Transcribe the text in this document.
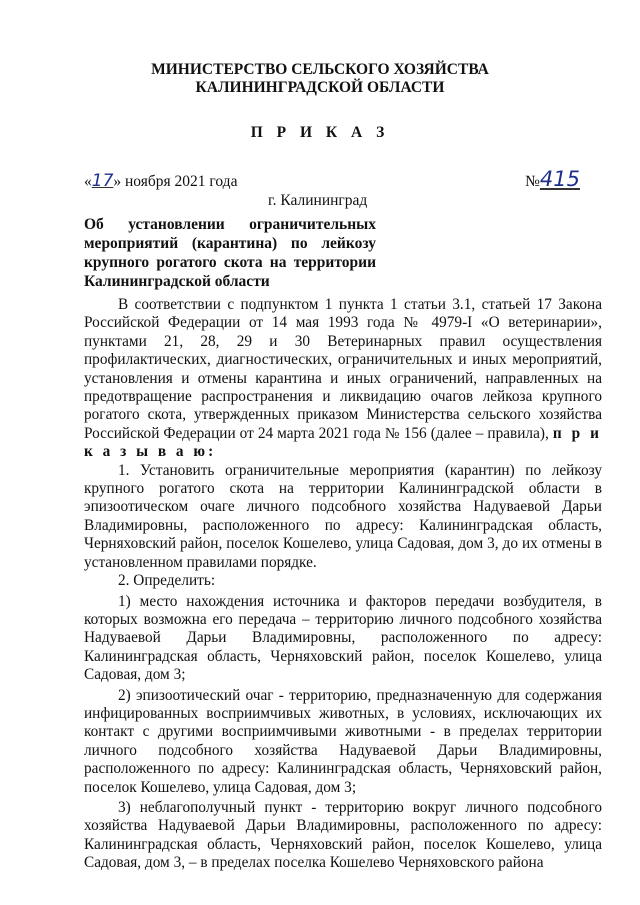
МИНИСТЕРСТВО СЕЛЬСКОГО ХОЗЯЙСТВА
КАЛИНИНГРАДСКОЙ ОБЛАСТИ
П Р И К А З
«17» ноября 2021 года	№415
г. Калининград
Об установлении ограничительных
мероприятий (карантина) по лейкозу
крупного рогатого скота на территории
Калининградской области

В соответствии с подпунктом 1 пункта 1 статьи 3.1, статьей 17 Закона Российской Федерации от 14 мая 1993 года № 4979-I «О ветеринарии», пунктами 21, 28, 29 и 30 Ветеринарных правил осуществления профилактических, диагностических, ограничительных и иных мероприятий, установления и отмены карантина и иных ограничений, направленных на предотвращение распространения и ликвидацию очагов лейкоза крупного рогатого скота, утвержденных приказом Министерства сельского хозяйства Российской Федерации от 24 марта 2021 года № 156 (далее – правила), п р и к а з ы в а ю:

1. Установить ограничительные мероприятия (карантин) по лейкозу крупного рогатого скота на территории Калининградской области в эпизоотическом очаге личного подсобного хозяйства Надуваевой Дарьи Владимировны, расположенного по адресу: Калининградская область, Черняховский район, поселок Кошелево, улица Садовая, дом 3, до их отмены в установленном правилами порядке.

2. Определить:

1) место нахождения источника и факторов передачи возбудителя, в которых возможна его передача – территорию личного подсобного хозяйства Надуваевой Дарьи Владимировны, расположенного по адресу: Калининградская область, Черняховский район, поселок Кошелево, улица Садовая, дом 3;

2) эпизоотический очаг - территорию, предназначенную для содержания инфицированных восприимчивых животных, в условиях, исключающих их контакт с другими восприимчивыми животными - в пределах территории личного подсобного хозяйства Надуваевой Дарьи Владимировны, расположенного по адресу: Калининградская область, Черняховский район, поселок Кошелево, улица Садовая, дом 3;

3) неблагополучный пункт - территорию вокруг личного подсобного хозяйства Надуваевой Дарьи Владимировны, расположенного по адресу: Калининградская область, Черняховский район, поселок Кошелево, улица Садовая, дом 3, – в пределах поселка Кошелево Черняховского района
